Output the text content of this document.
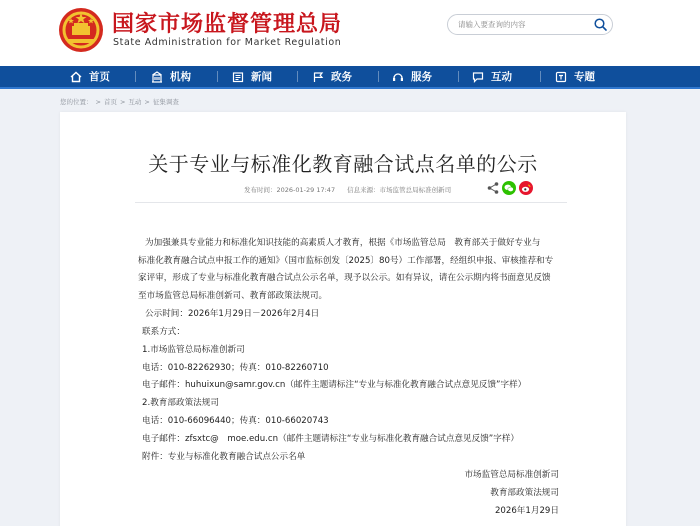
国家市场监督管理总局
State Administration for Market Regulation
请输入要查询的内容
首页	机构	新闻	政务	服务	互动	专题
您的位置： > 首页 > 互动 > 征集调查
关于专业与标准化教育融合试点名单的公示
发布时间：2026-01-29 17:47 信息来源：市场监管总局标准创新司
为加强兼具专业能力和标准化知识技能的高素质人才教育，根据《市场监管总局　教育部关于做好专业与
标准化教育融合试点申报工作的通知》（国市监标创发〔2025〕80号）工作部署，经组织申报、审核推荐和专
家评审，形成了专业与标准化教育融合试点公示名单，现予以公示。如有异议，请在公示期内将书面意见反馈
至市场监管总局标准创新司、教育部政策法规司。
公示时间：2026年1月29日－2026年2月4日
联系方式：
1.市场监管总局标准创新司
电话：010-82262930；传真：010-82260710
电子邮件：huhuixun@samr.gov.cn（邮件主题请标注“专业与标准化教育融合试点意见反馈”字样）
2.教育部政策法规司
电话：010-66096440；传真：010-66020743
电子邮件：zfsxtc@　moe.edu.cn（邮件主题请标注“专业与标准化教育融合试点意见反馈”字样）
附件：专业与标准化教育融合试点公示名单
市场监管总局标准创新司
教育部政策法规司
2026年1月29日
